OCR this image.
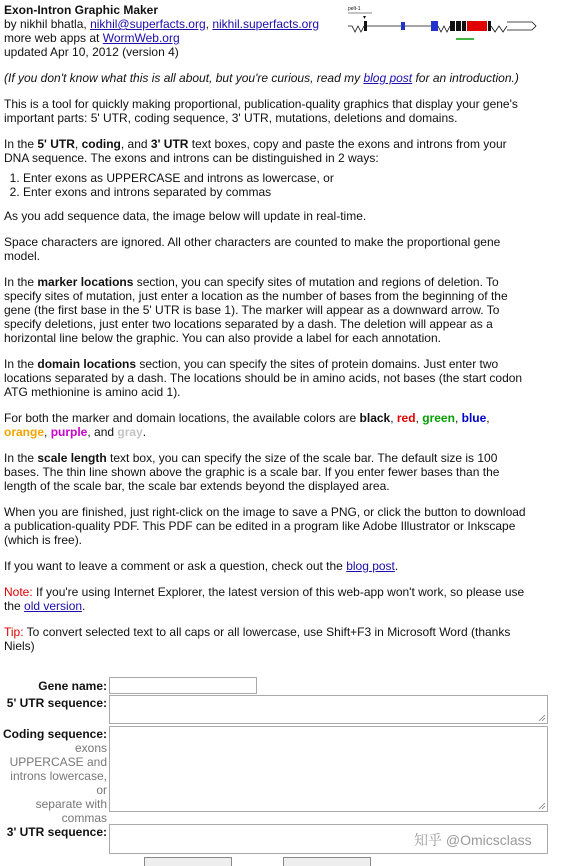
Exon-Intron Graphic Maker
by nikhil bhatla, nikhil@superfacts.org, nikhil.superfacts.org
more web apps at WormWeb.org
updated Apr 10, 2012 (version 4)
pelt-1

(If you don't know what this is all about, but you're curious, read my blog post for an introduction.)

This is a tool for quickly making proportional, publication-quality graphics that display your gene's important parts: 5' UTR, coding sequence, 3' UTR, mutations, deletions and domains.

In the 5' UTR, coding, and 3' UTR text boxes, copy and paste the exons and introns from your DNA sequence. The exons and introns can be distinguished in 2 ways:

1. Enter exons as UPPERCASE and introns as lowercase, or
2. Enter exons and introns separated by commas

As you add sequence data, the image below will update in real-time.

Space characters are ignored. All other characters are counted to make the proportional gene model.

In the marker locations section, you can specify sites of mutation and regions of deletion. To specify sites of mutation, just enter a location as the number of bases from the beginning of the gene (the first base in the 5' UTR is base 1). The marker will appear as a downward arrow. To specify deletions, just enter two locations separated by a dash. The deletion will appear as a horizontal line below the graphic. You can also provide a label for each annotation.

In the domain locations section, you can specify the sites of protein domains. Just enter two locations separated by a dash. The locations should be in amino acids, not bases (the start codon ATG methionine is amino acid 1).

For both the marker and domain locations, the available colors are black, red, green, blue, orange, purple, and gray.

In the scale length text box, you can specify the size of the scale bar. The default size is 100 bases. The thin line shown above the graphic is a scale bar. If you enter fewer bases than the length of the scale bar, the scale bar extends beyond the displayed area.

When you are finished, just right-click on the image to save a PNG, or click the button to download a publication-quality PDF. This PDF can be edited in a program like Adobe Illustrator or Inkscape (which is free).

If you want to leave a comment or ask a question, check out the blog post.

Note: If you're using Internet Explorer, the latest version of this web-app won't work, so please use the old version.

Tip: To convert selected text to all caps or all lowercase, use Shift+F3 in Microsoft Word (thanks Niels)

Gene name:
5' UTR sequence:
Coding sequence:
exons
UPPERCASE and
introns lowercase,
or
separate with
commas
3' UTR sequence:	知乎 @Omicsclass
